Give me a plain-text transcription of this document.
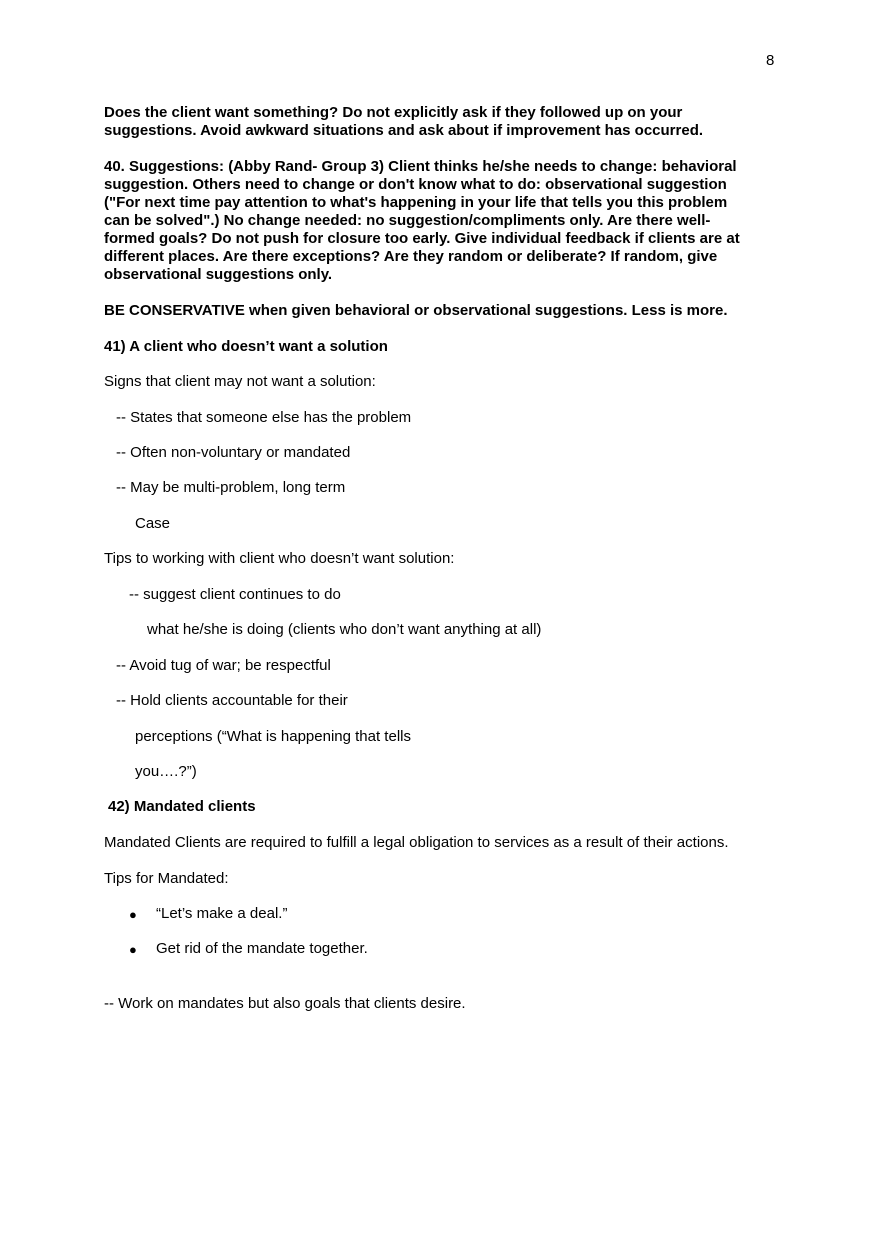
8
Does the client want something? Do not explicitly ask if they followed up on your
suggestions. Avoid awkward situations and ask about if improvement has occurred.
40. Suggestions: (Abby Rand- Group 3) Client thinks he/she needs to change: behavioral
suggestion. Others need to change or don't know what to do: observational suggestion
("For next time pay attention to what's happening in your life that tells you this problem
can be solved".) No change needed: no suggestion/compliments only. Are there well-
formed goals? Do not push for closure too early. Give individual feedback if clients are at
different places. Are there exceptions? Are they random or deliberate? If random, give
observational suggestions only.
BE CONSERVATIVE when given behavioral or observational suggestions. Less is more.
41) A client who doesn’t want a solution
Signs that client may not want a solution:
-- States that someone else has the problem
-- Often non-voluntary or mandated
-- May be multi-problem, long term
Case
Tips to working with client who doesn’t want solution:
-- suggest client continues to do
what he/she is doing (clients who don’t want anything at all)
-- Avoid tug of war; be respectful
-- Hold clients accountable for their
perceptions (“What is happening that tells
you….?”)
42) Mandated clients
Mandated Clients are required to fulfill a legal obligation to services as a result of their actions.
Tips for Mandated:
● “Let’s make a deal.”
● Get rid of the mandate together.
-- Work on mandates but also goals that clients desire.
